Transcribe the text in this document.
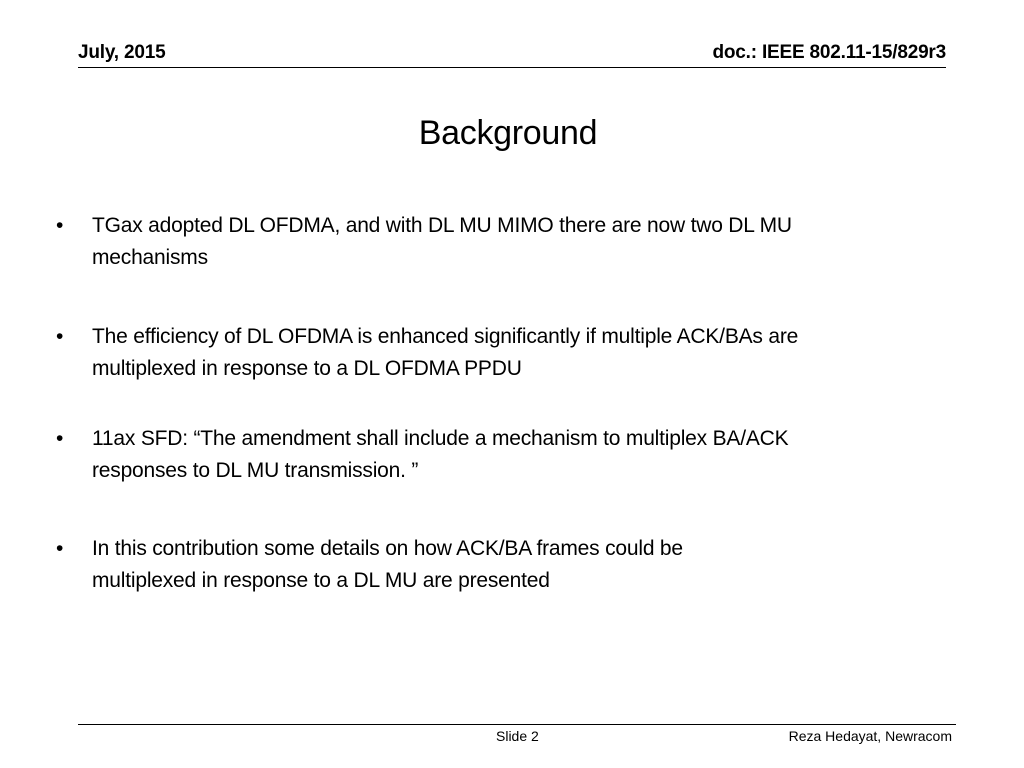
July, 2015	doc.: IEEE 802.11-15/829r3
Background
•	TGax adopted DL OFDMA, and with DL MU MIMO there are now two DL MU
mechanisms
•	The efficiency of DL OFDMA is enhanced significantly if multiple ACK/BAs are
multiplexed in response to a DL OFDMA PPDU
•	11ax SFD: “The amendment shall include a mechanism to multiplex BA/ACK
responses to DL MU transmission. ”
•	In this contribution some details on how ACK/BA frames could be
multiplexed in response to a DL MU are presented
Slide 2	Reza Hedayat, Newracom
